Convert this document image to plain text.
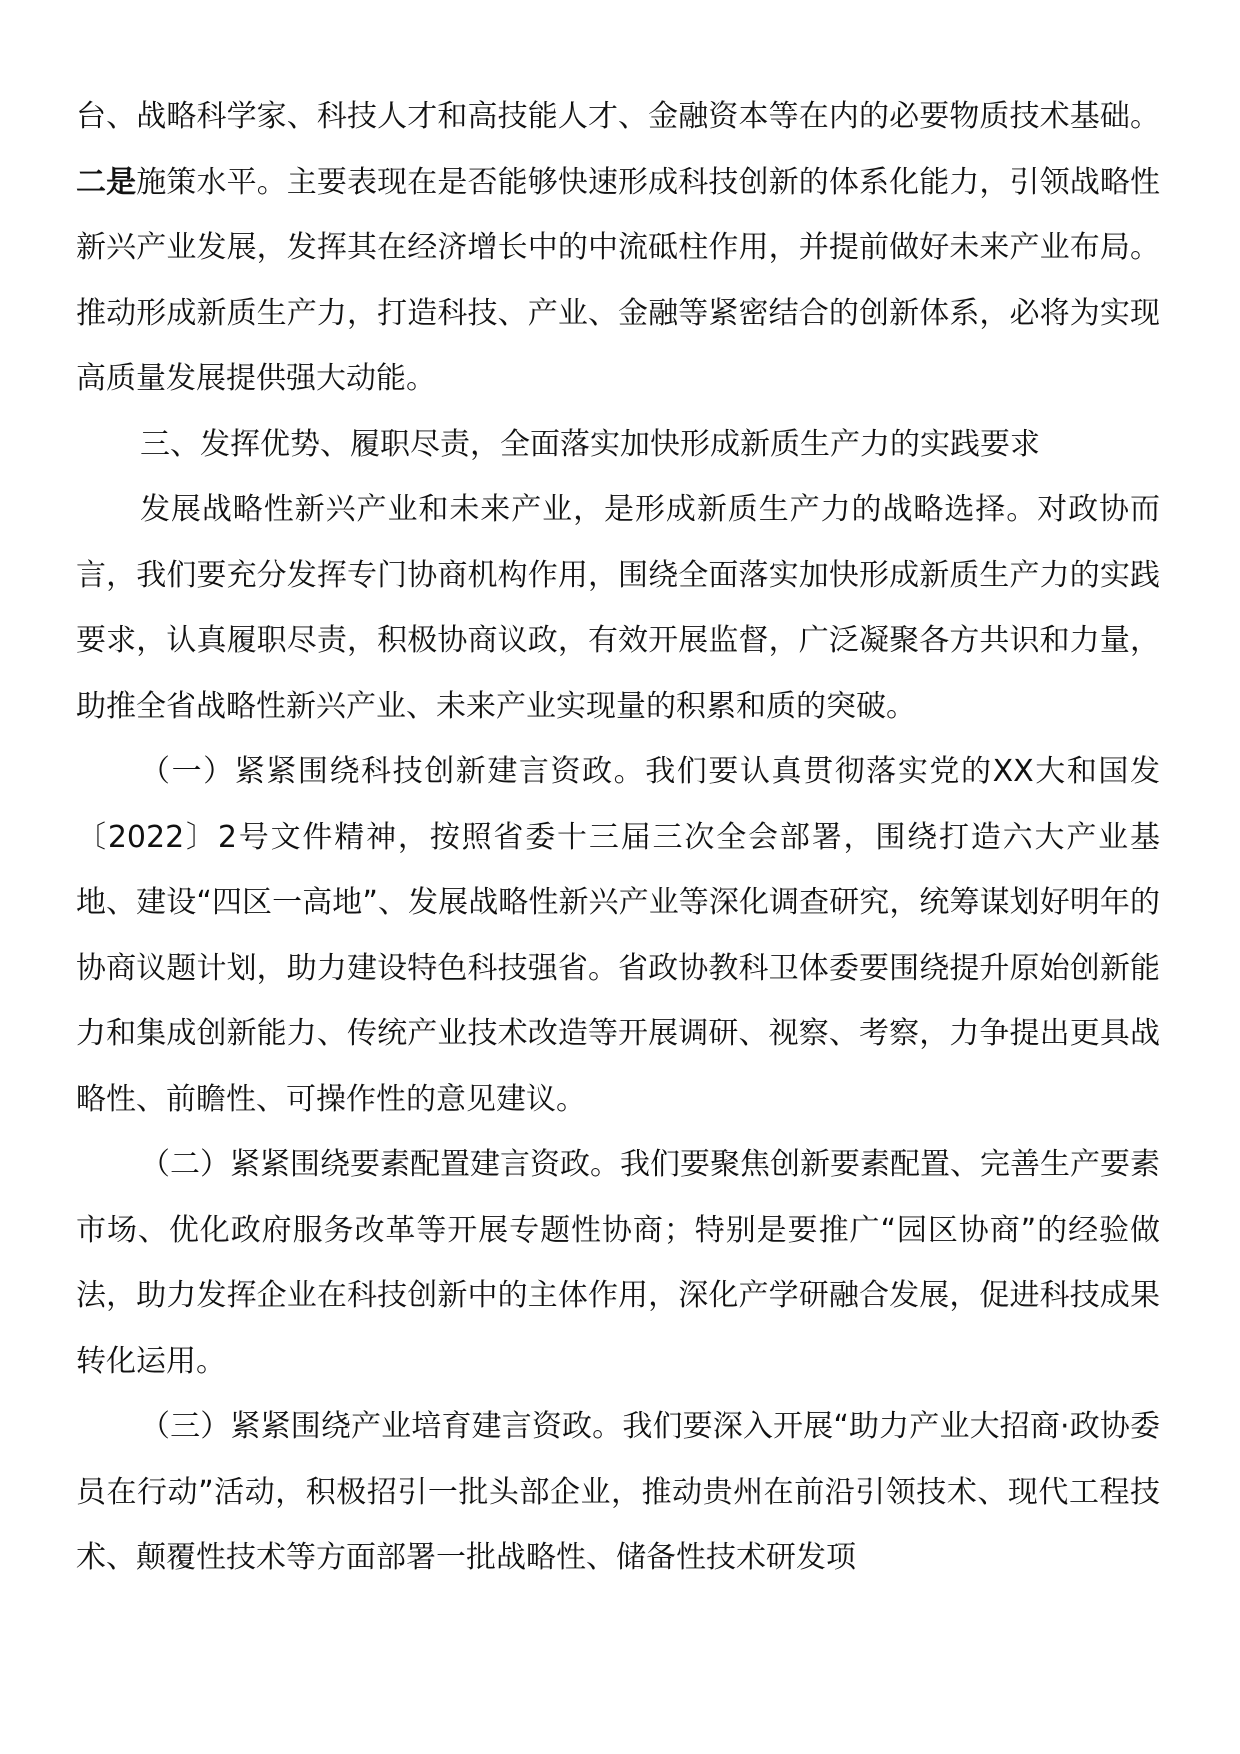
台、战略科学家、科技人才和高技能人才、金融资本等在内的必要物质技术基础。二是施策水平。主要表现在是否能够快速形成科技创新的体系化能力，引领战略性新兴产业发展，发挥其在经济增长中的中流砥柱作用，并提前做好未来产业布局。推动形成新质生产力，打造科技、产业、金融等紧密结合的创新体系，必将为实现高质量发展提供强大动能。

三、发挥优势、履职尽责，全面落实加快形成新质生产力的实践要求

发展战略性新兴产业和未来产业，是形成新质生产力的战略选择。对政协而言，我们要充分发挥专门协商机构作用，围绕全面落实加快形成新质生产力的实践要求，认真履职尽责，积极协商议政，有效开展监督，广泛凝聚各方共识和力量，助推全省战略性新兴产业、未来产业实现量的积累和质的突破。

（一）紧紧围绕科技创新建言资政。我们要认真贯彻落实党的XX大和国发〔2022〕2号文件精神，按照省委十三届三次全会部署，围绕打造六大产业基地、建设“四区一高地”、发展战略性新兴产业等深化调查研究，统筹谋划好明年的协商议题计划，助力建设特色科技强省。省政协教科卫体委要围绕提升原始创新能力和集成创新能力、传统产业技术改造等开展调研、视察、考察，力争提出更具战略性、前瞻性、可操作性的意见建议。

（二）紧紧围绕要素配置建言资政。我们要聚焦创新要素配置、完善生产要素市场、优化政府服务改革等开展专题性协商；特别是要推广“园区协商”的经验做法，助力发挥企业在科技创新中的主体作用，深化产学研融合发展，促进科技成果转化运用。

（三）紧紧围绕产业培育建言资政。我们要深入开展“助力产业大招商·政协委员在行动”活动，积极招引一批头部企业，推动贵州在前沿引领技术、现代工程技术、颠覆性技术等方面部署一批战略性、储备性技术研发项
